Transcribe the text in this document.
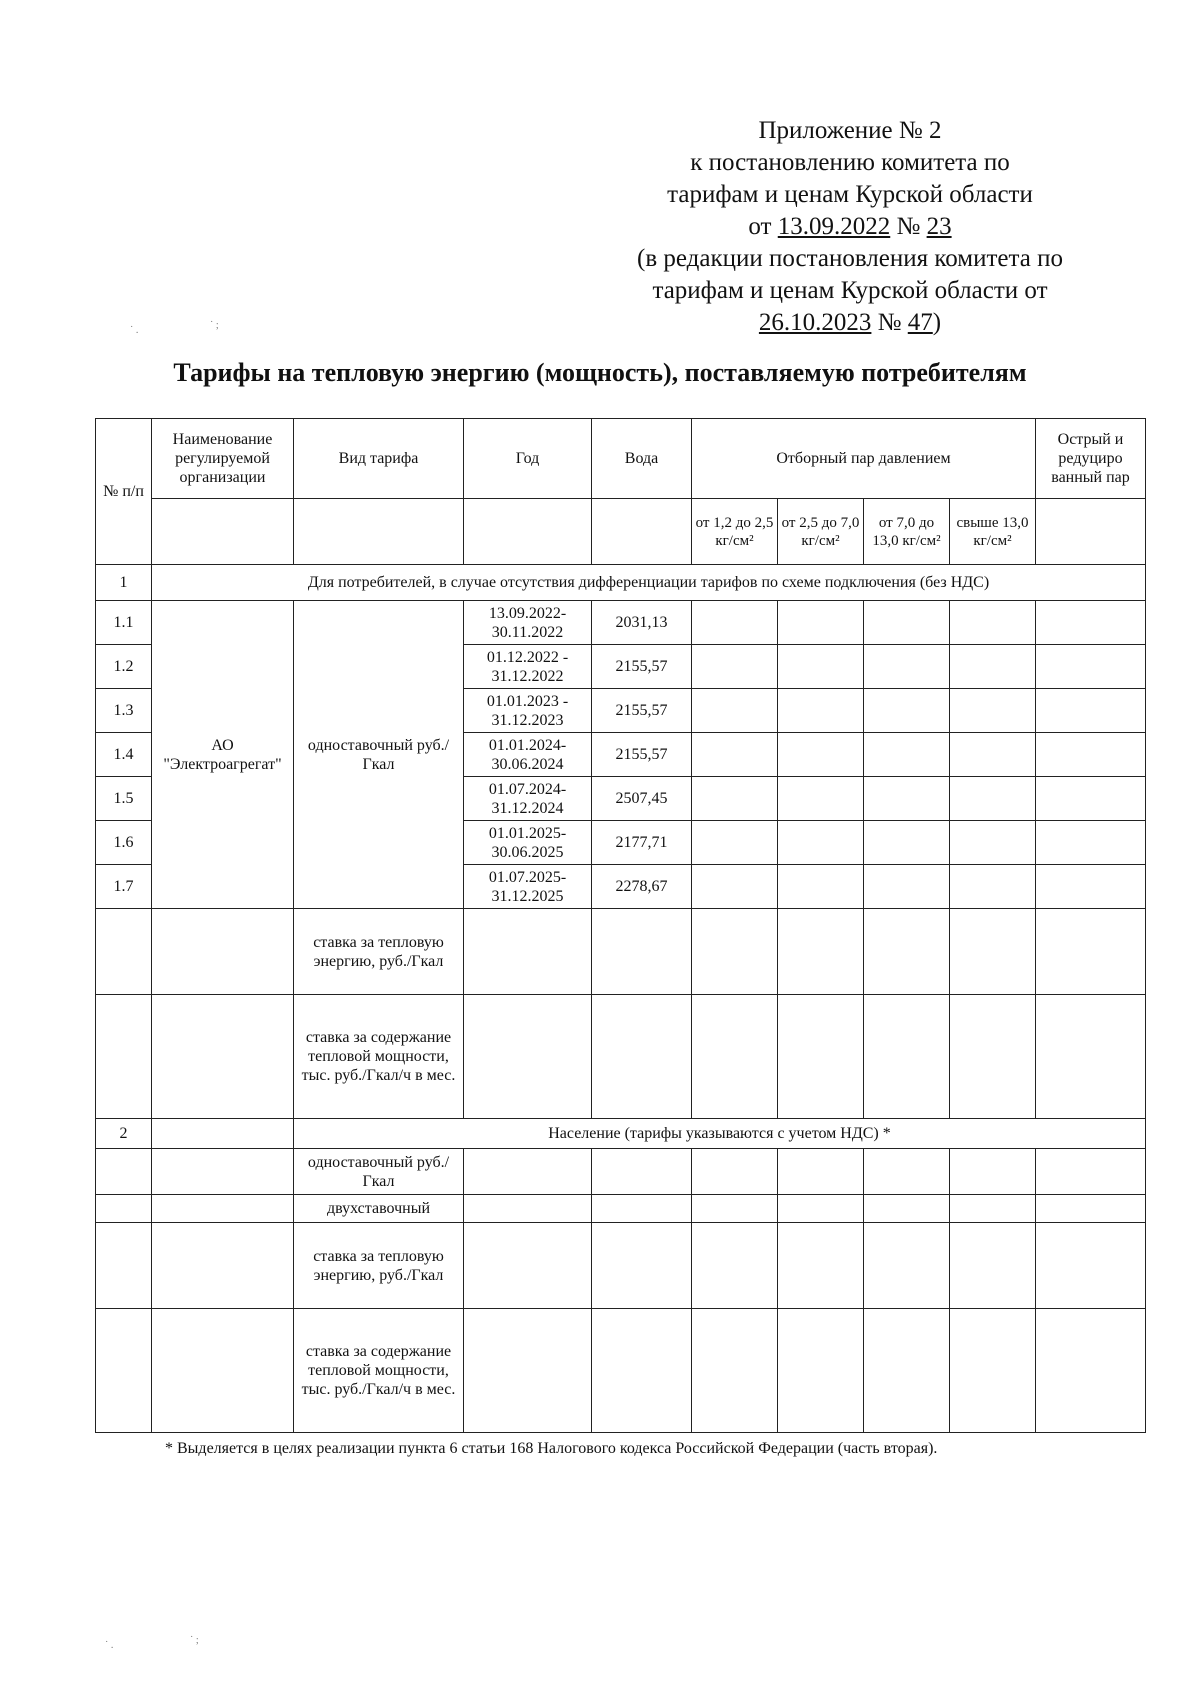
Приложение № 2
к постановлению комитета по
тарифам и ценам Курской области
от 13.09.2022 № 23
(в редакции постановления комитета по
тарифам и ценам Курской области от
26.10.2023 № 47)
Тарифы на тепловую энергию (мощность), поставляемую потребителям
№ п/п	Наименование регулируемой организации	Вид тарифа	Год	Вода	Отборный пар давлением				Острый и редуциро ванный пар
					от 1,2 до 2,5 кг/см²	от 2,5 до 7,0 кг/см²	от 7,0 до 13,0 кг/см²	свыше 13,0 кг/см²	
1	Для потребителей, в случае отсутствия дифференциации тарифов по схеме подключения (без НДС)								
1.1	АО "Электроагрегат"	одноставочный руб./Гкал	13.09.2022- 30.11.2022	2031,13					
1.2			01.12.2022 - 31.12.2022	2155,57					
1.3			01.01.2023 - 31.12.2023	2155,57					
1.4			01.01.2024- 30.06.2024	2155,57					
1.5			01.07.2024- 31.12.2024	2507,45					
1.6			01.01.2025- 30.06.2025	2177,71					
1.7			01.07.2025- 31.12.2025	2278,67					
		ставка за тепловую энергию, руб./Гкал							
		ставка за содержание тепловой мощности, тыс. руб./Гкал/ч в мес.							
2		Население (тарифы указываются с учетом НДС) *							
		одноставочный руб./Гкал							
		двухставочный							
		ставка за тепловую энергию, руб./Гкал							
		ставка за содержание тепловой мощности, тыс. руб./Гкал/ч в мес.							
* Выделяется в целях реализации пункта 6 статьи 168 Налогового кодекса Российской Федерации (часть вторая).
˙ .	˙ ;
˙ .	˙ ;
